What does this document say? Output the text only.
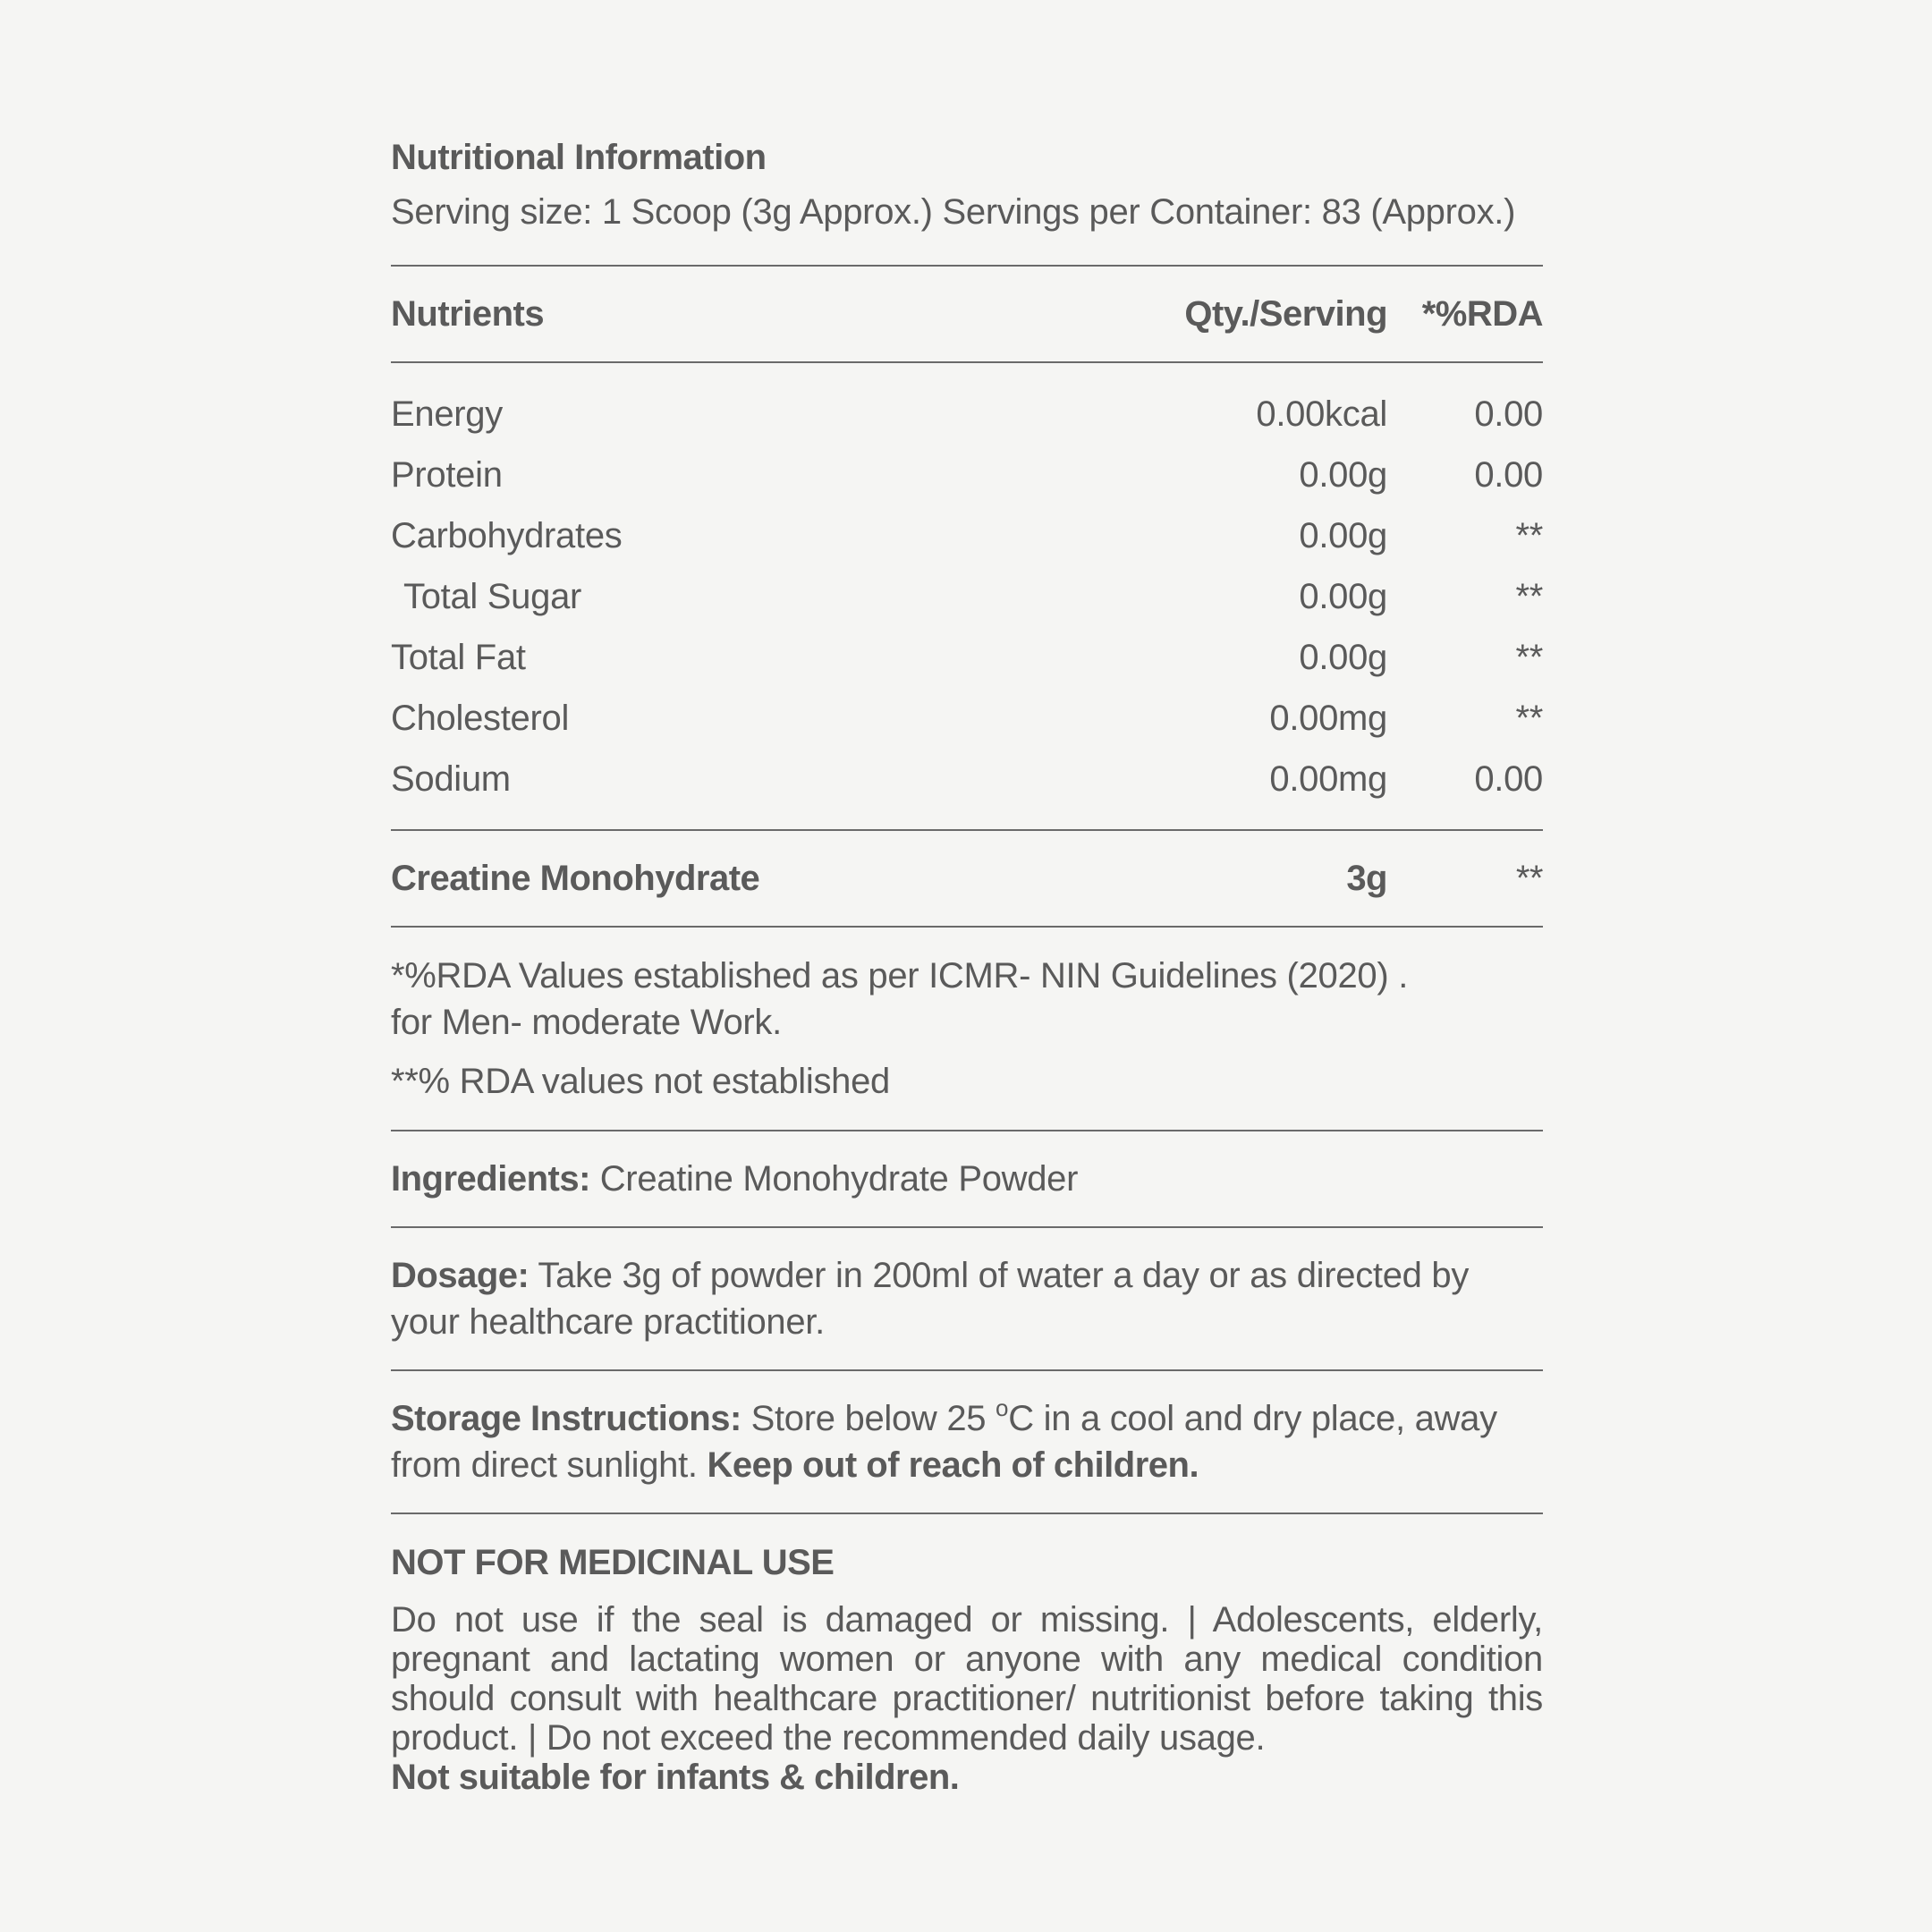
Nutritional Information
Serving size: 1 Scoop (3g Approx.) Servings per Container: 83 (Approx.)
Nutrients	Qty./Serving *%RDA
Energy	0.00kcal	0.00
Protein	0.00g	0.00
Carbohydrates	0.00g	**
Total Sugar	0.00g	**
Total Fat	0.00g	**
Cholesterol	0.00mg	**
Sodium	0.00mg	0.00
Creatine Monohydrate	3g	**
*%RDA Values established as per ICMR- NIN Guidelines (2020) .
for Men- moderate Work.
**% RDA values not established
Ingredients: Creatine Monohydrate Powder
Dosage: Take 3g of powder in 200ml of water a day or as directed by your healthcare practitioner.
Storage Instructions: Store below 25 $^o$C in a cool and dry place, away from direct sunlight. Keep out of reach of children.
NOT FOR MEDICINAL USE
Do not use if the seal is damaged or missing. | Adolescents, elderly, pregnant and lactating women or anyone with any medical condition should consult with healthcare practitioner/ nutritionist before taking this product. | Do not exceed the recommended daily usage.
Not suitable for infants & children.
